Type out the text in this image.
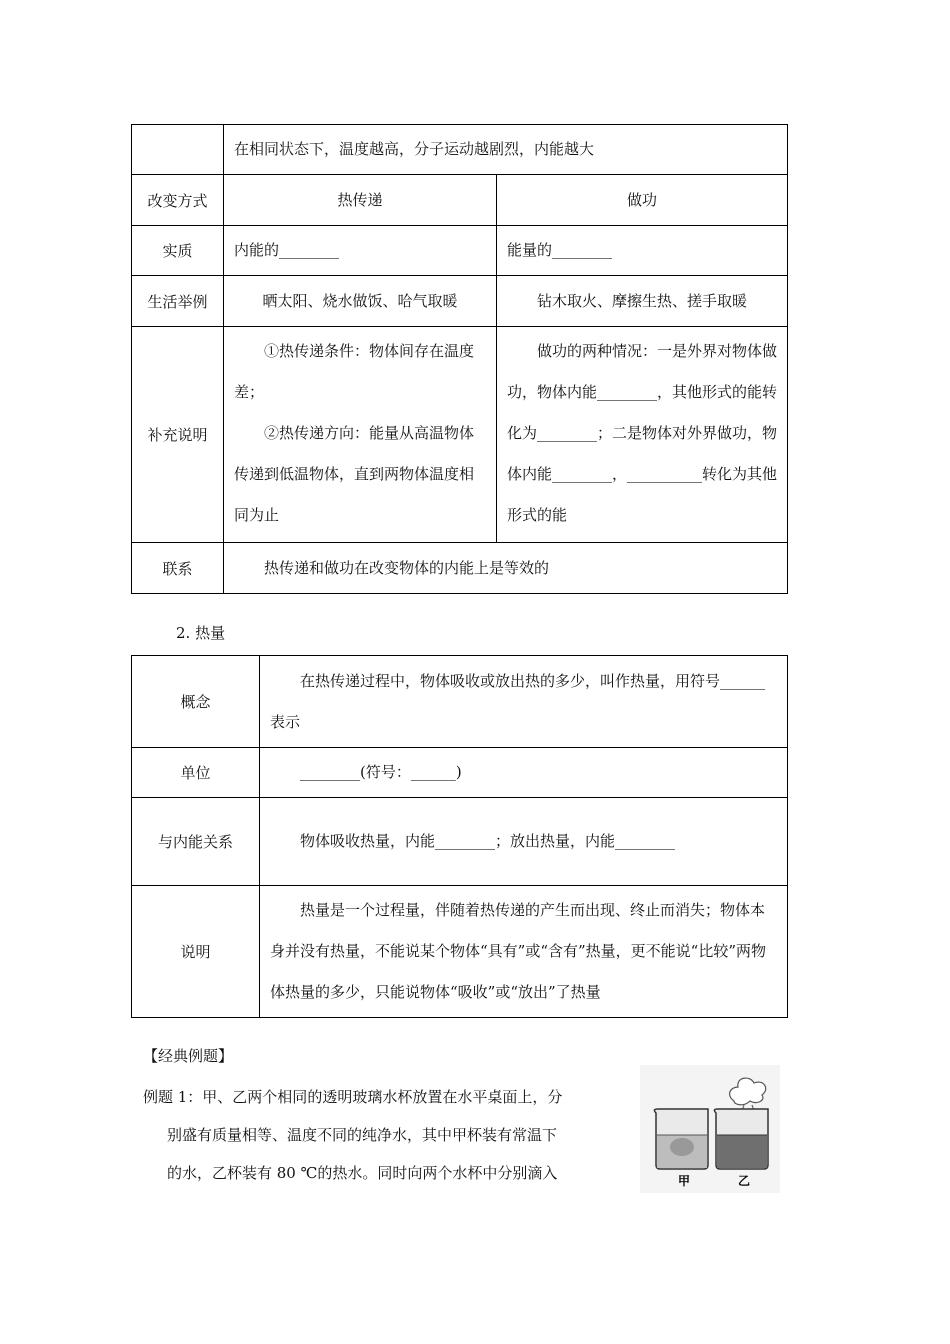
	在相同状态下，温度越高，分子运动越剧烈，内能越大	
改变方式	热传递	做功
实质	内能的________	能量的________
生活举例	晒太阳、烧水做饭、哈气取暖	钻木取火、摩擦生热、搓手取暖
补充说明	①热传递条件：物体间存在温度差；
②热传递方向：能量从高温物体传递到低温物体，直到两物体温度相同为止	做功的两种情况：一是外界对物体做功，物体内能________，其他形式的能转化为________；二是物体对外界做功，物体内能________，__________转化为其他形式的能
联系	热传递和做功在改变物体的内能上是等效的	
2. 热量
概念	在热传递过程中，物体吸收或放出热的多少，叫作热量，用符号______表示
单位	________(符号：______)
与内能关系	物体吸收热量，内能________；放出热量，内能________
说明	热量是一个过程量，伴随着热传递的产生而出现、终止而消失；物体本身并没有热量，不能说某个物体“具有”或“含有”热量，更不能说“比较”两物体热量的多少，只能说物体“吸收”或“放出”了热量
【经典例题】
例题 1：甲、乙两个相同的透明玻璃水杯放置在水平桌面上，分
别盛有质量相等、温度不同的纯净水，其中甲杯装有常温下
的水，乙杯装有 80 ℃的热水。同时向两个水杯中分别滴入	甲	乙
